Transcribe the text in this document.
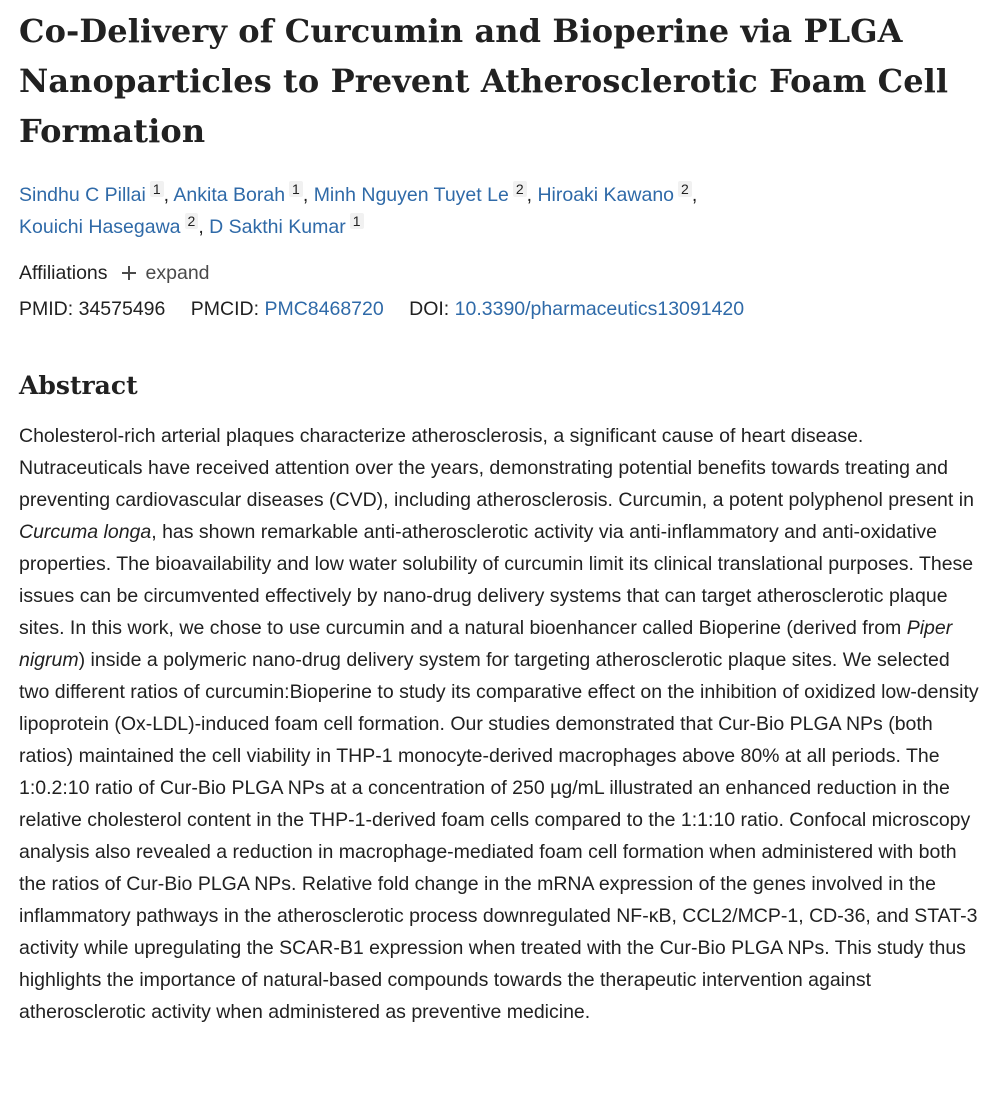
Co-Delivery of Curcumin and Bioperine via PLGA Nanoparticles to Prevent Atherosclerotic Foam Cell Formation
Sindhu C Pillai 1 , Ankita Borah 1 , Minh Nguyen Tuyet Le 2 , Hiroaki Kawano 2 ,
Kouichi Hasegawa 2 , D Sakthi Kumar 1
Affiliations expand
PMID: 34575496 PMCID: PMC8468720 DOI: 10.3390/pharmaceutics13091420
Abstract

Cholesterol-rich arterial plaques characterize atherosclerosis, a significant cause of heart disease. Nutraceuticals have received attention over the years, demonstrating potential benefits towards treating and preventing cardiovascular diseases (CVD), including atherosclerosis. Curcumin, a potent polyphenol present in Curcuma longa, has shown remarkable anti-atherosclerotic activity via anti-inflammatory and anti-oxidative properties. The bioavailability and low water solubility of curcumin limit its clinical translational purposes. These issues can be circumvented effectively by nano-drug delivery systems that can target atherosclerotic plaque sites. In this work, we chose to use curcumin and a natural bioenhancer called Bioperine (derived from Piper nigrum) inside a polymeric nano-drug delivery system for targeting atherosclerotic plaque sites. We selected two different ratios of curcumin:Bioperine to study its comparative effect on the inhibition of oxidized low-density lipoprotein (Ox-LDL)-induced foam cell formation. Our studies demonstrated that Cur-Bio PLGA NPs (both ratios) maintained the cell viability in THP-1 monocyte-derived macrophages above 80% at all periods. The 1:0.2:10 ratio of Cur-Bio PLGA NPs at a concentration of 250 µg/mL illustrated an enhanced reduction in the relative cholesterol content in the THP-1-derived foam cells compared to the 1:1:10 ratio. Confocal microscopy analysis also revealed a reduction in macrophage-mediated foam cell formation when administered with both the ratios of Cur-Bio PLGA NPs. Relative fold change in the mRNA expression of the genes involved in the inflammatory pathways in the atherosclerotic process downregulated NF-κB, CCL2/MCP-1, CD-36, and STAT-3 activity while upregulating the SCAR-B1 expression when treated with the Cur-Bio PLGA NPs. This study thus highlights the importance of natural-based compounds towards the therapeutic intervention against atherosclerotic activity when administered as preventive medicine.
